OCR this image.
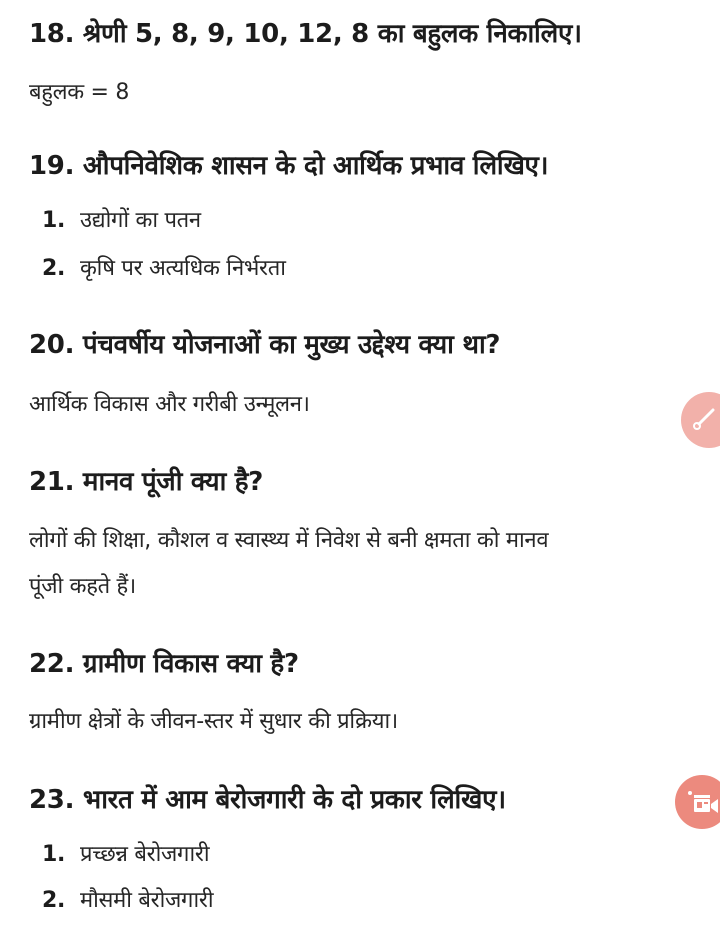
18. श्रेणी 5, 8, 9, 10, 12, 8 का बहुलक निकालिए।
बहुलक = 8
19. औपनिवेशिक शासन के दो आर्थिक प्रभाव लिखिए।
1. उद्योगों का पतन
2. कृषि पर अत्यधिक निर्भरता
20. पंचवर्षीय योजनाओं का मुख्य उद्देश्य क्या था?
आर्थिक विकास और गरीबी उन्मूलन।
21. मानव पूंजी क्या है?
लोगों की शिक्षा, कौशल व स्वास्थ्य में निवेश से बनी क्षमता को मानव
पूंजी कहते हैं।
22. ग्रामीण विकास क्या है?
ग्रामीण क्षेत्रों के जीवन-स्तर में सुधार की प्रक्रिया।
23. भारत में आम बेरोजगारी के दो प्रकार लिखिए।
1. प्रच्छन्न बेरोजगारी
2. मौसमी बेरोजगारी
